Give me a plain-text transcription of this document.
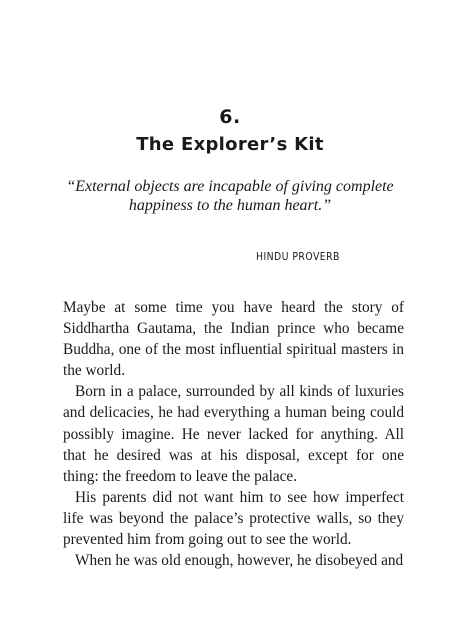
6.
The Explorer’s Kit
“External objects are incapable of giving complete happiness to the human heart.”
HINDU PROVERB

Maybe at some time you have heard the story of Siddhartha Gautama, the Indian prince who became Buddha, one of the most influential spiritual masters in the world.

Born in a palace, surrounded by all kinds of luxuries and delicacies, he had everything a human being could possibly imagine. He never lacked for anything. All that he desired was at his disposal, except for one thing: the freedom to leave the palace.

His parents did not want him to see how imperfect life was beyond the palace’s protective walls, so they prevented him from going out to see the world.

When he was old enough, however, he disobeyed and
